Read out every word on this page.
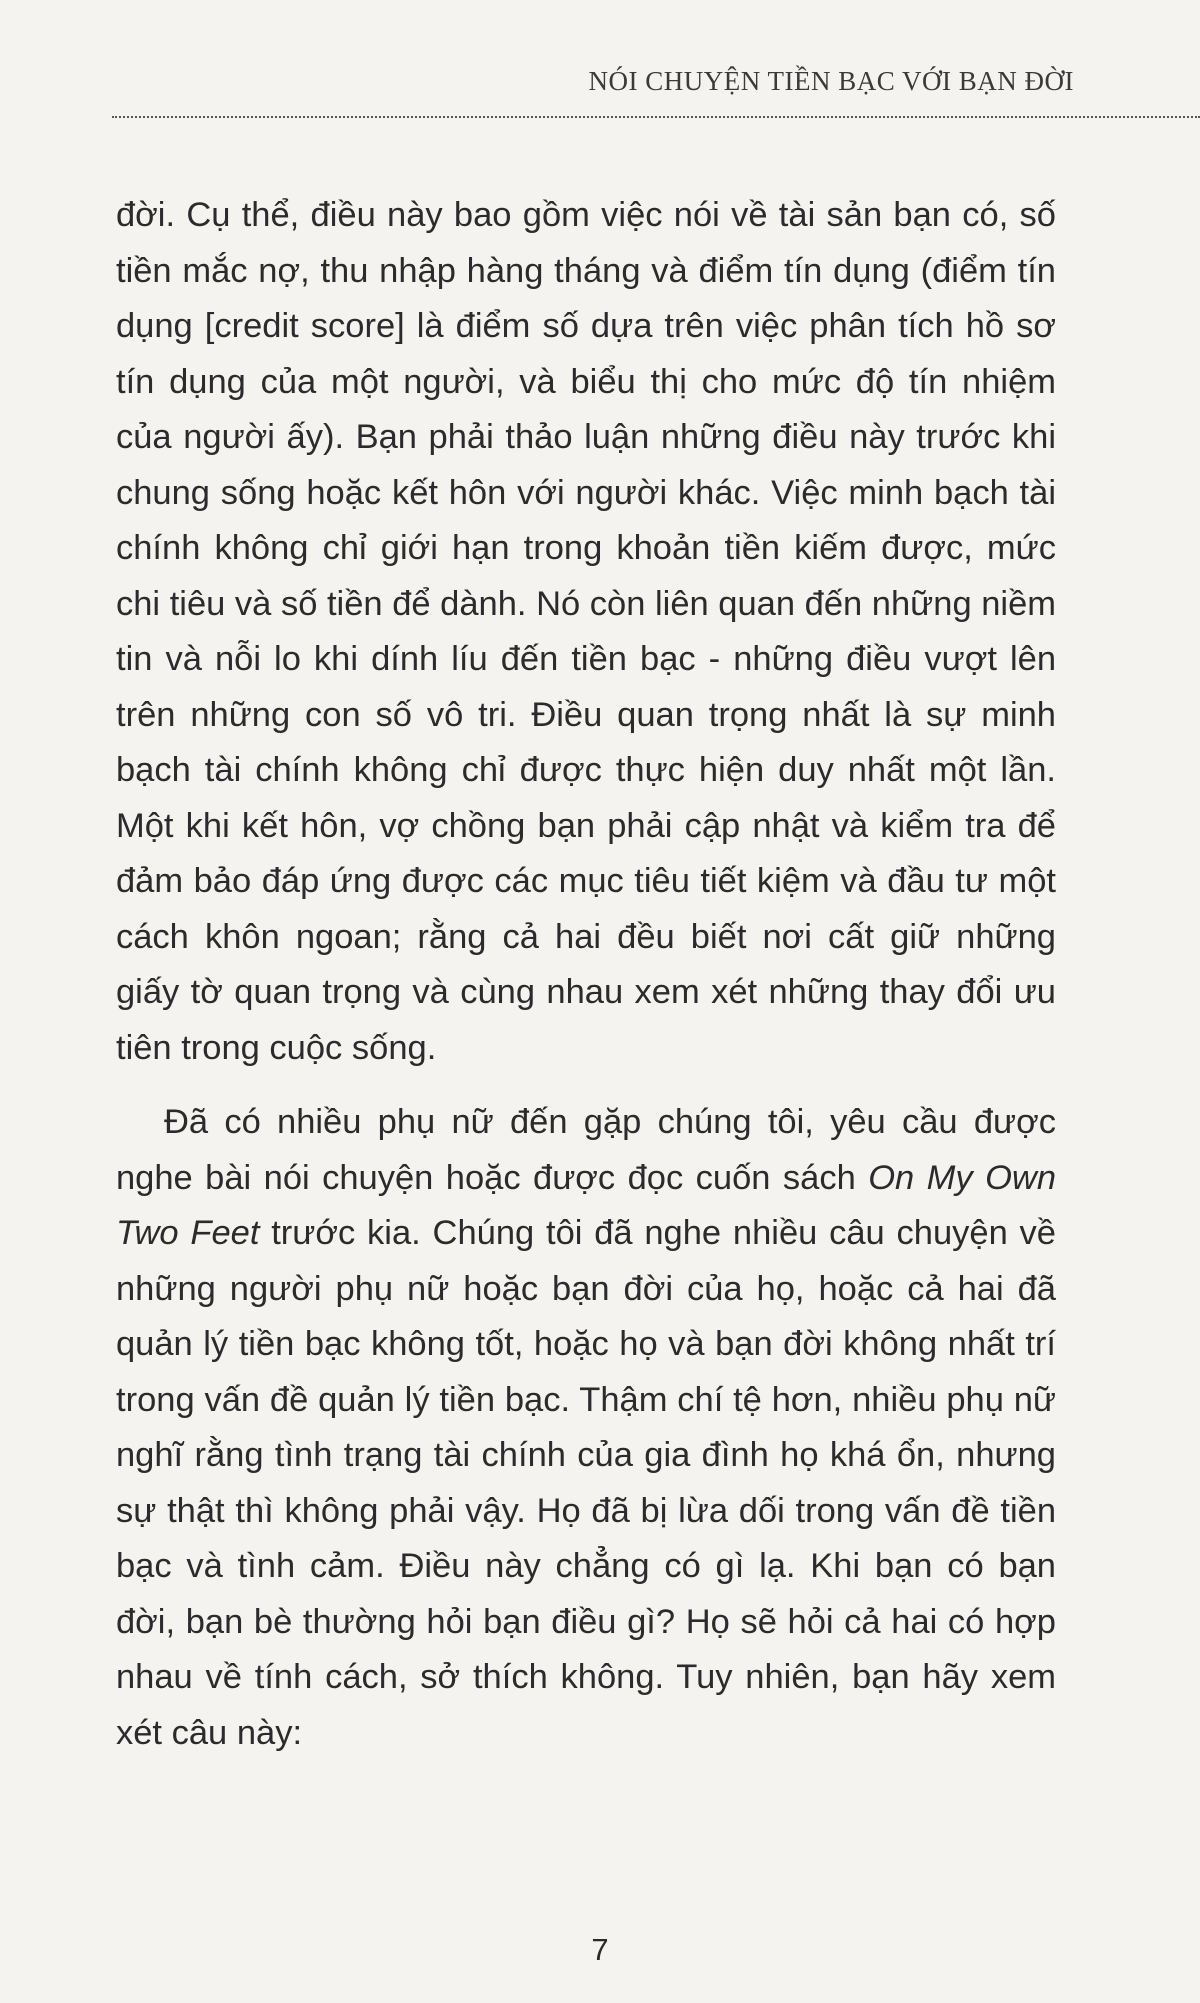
NÓI CHUYỆN TIỀN BẠC VỚI BẠN ĐỜI

đời. Cụ thể, điều này bao gồm việc nói về tài sản bạn có, số tiền mắc nợ, thu nhập hàng tháng và điểm tín dụng (điểm tín dụng [credit score] là điểm số dựa trên việc phân tích hồ sơ tín dụng của một người, và biểu thị cho mức độ tín nhiệm của người ấy). Bạn phải thảo luận những điều này trước khi chung sống hoặc kết hôn với người khác. Việc minh bạch tài chính không chỉ giới hạn trong khoản tiền kiếm được, mức chi tiêu và số tiền để dành. Nó còn liên quan đến những niềm tin và nỗi lo khi dính líu đến tiền bạc - những điều vượt lên trên những con số vô tri. Điều quan trọng nhất là sự minh bạch tài chính không chỉ được thực hiện duy nhất một lần. Một khi kết hôn, vợ chồng bạn phải cập nhật và kiểm tra để đảm bảo đáp ứng được các mục tiêu tiết kiệm và đầu tư một cách khôn ngoan; rằng cả hai đều biết nơi cất giữ những giấy tờ quan trọng và cùng nhau xem xét những thay đổi ưu tiên trong cuộc sống.

Đã có nhiều phụ nữ đến gặp chúng tôi, yêu cầu được nghe bài nói chuyện hoặc được đọc cuốn sách On My Own Two Feet trước kia. Chúng tôi đã nghe nhiều câu chuyện về những người phụ nữ hoặc bạn đời của họ, hoặc cả hai đã quản lý tiền bạc không tốt, hoặc họ và bạn đời không nhất trí trong vấn đề quản lý tiền bạc. Thậm chí tệ hơn, nhiều phụ nữ nghĩ rằng tình trạng tài chính của gia đình họ khá ổn, nhưng sự thật thì không phải vậy. Họ đã bị lừa dối trong vấn đề tiền bạc và tình cảm. Điều này chẳng có gì lạ. Khi bạn có bạn đời, bạn bè thường hỏi bạn điều gì? Họ sẽ hỏi cả hai có hợp nhau về tính cách, sở thích không. Tuy nhiên, bạn hãy xem xét câu này:

7
